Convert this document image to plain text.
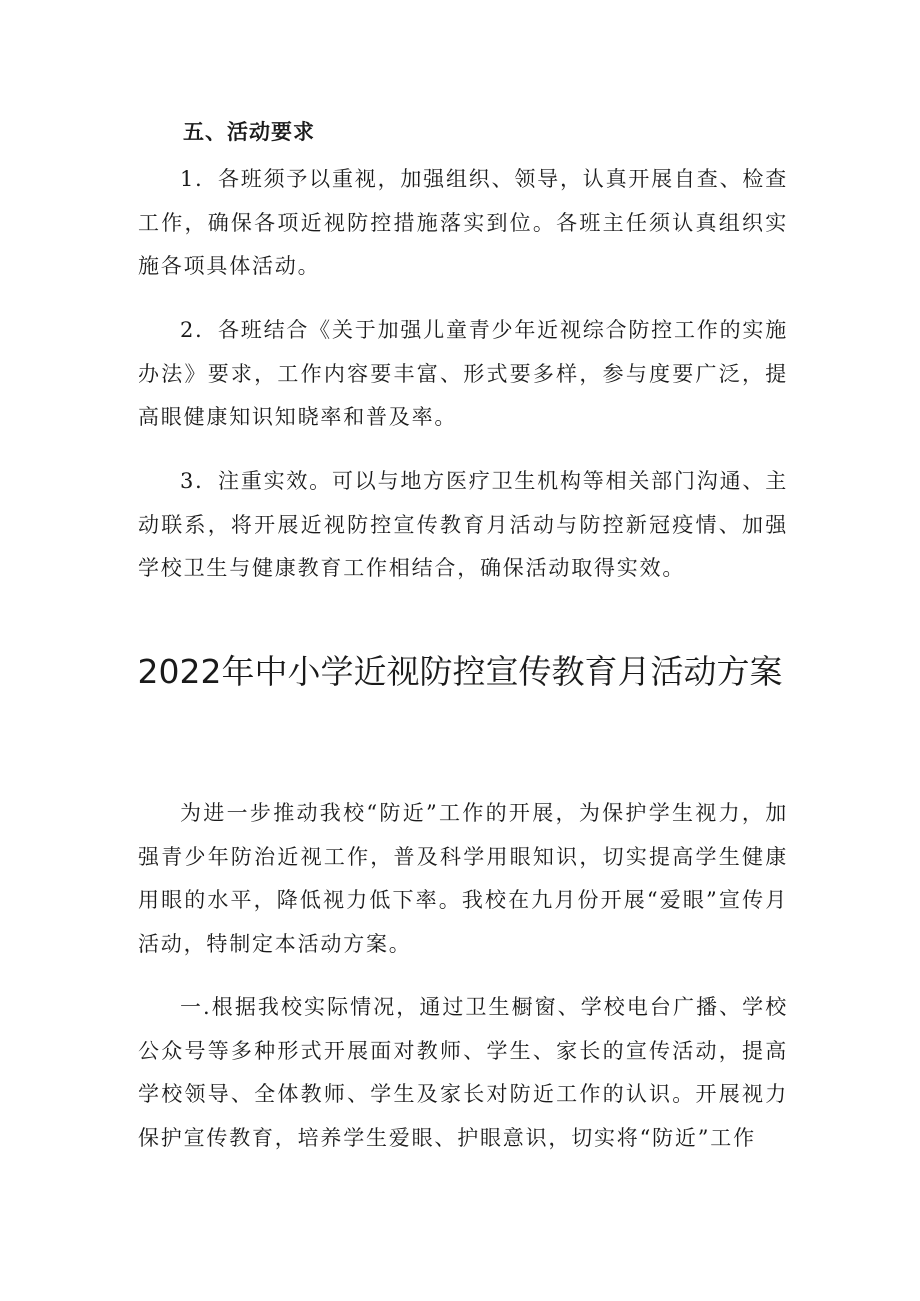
五、活动要求

1．各班须予以重视，加强组织、领导，认真开展自查、检查工作，确保各项近视防控措施落实到位。各班主任须认真组织实施各项具体活动。

2．各班结合《关于加强儿童青少年近视综合防控工作的实施办法》要求，工作内容要丰富、形式要多样，参与度要广泛，提高眼健康知识知晓率和普及率。

3．注重实效。可以与地方医疗卫生机构等相关部门沟通、主动联系，将开展近视防控宣传教育月活动与防控新冠疫情、加强学校卫生与健康教育工作相结合，确保活动取得实效。

2022年中小学近视防控宣传教育月活动方案

为进一步推动我校“防近”工作的开展，为保护学生视力，加强青少年防治近视工作，普及科学用眼知识，切实提高学生健康用眼的水平，降低视力低下率。我校在九月份开展“爱眼”宣传月活动，特制定本活动方案。

一.根据我校实际情况，通过卫生橱窗、学校电台广播、学校公众号等多种形式开展面对教师、学生、家长的宣传活动，提高学校领导、全体教师、学生及家长对防近工作的认识。开展视力保护宣传教育，培养学生爱眼、护眼意识，切实将“防近”工作
